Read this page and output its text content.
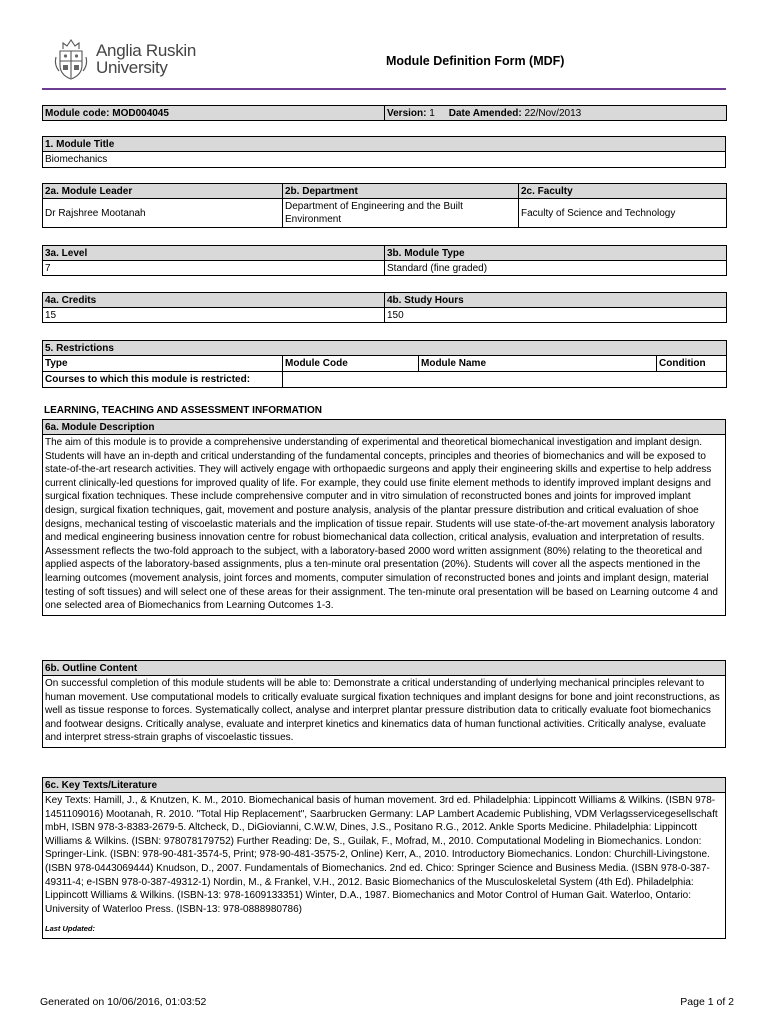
Anglia Ruskin
University	Module Definition Form (MDF)
Module code: MOD004045	Version: 1 Date Amended: 22/Nov/2013
1. Module Title
Biomechanics
2a. Module Leader	2b. Department	2c. Faculty
Dr Rajshree Mootanah	Department of Engineering and the Built Environment	Faculty of Science and Technology
3a. Level	3b. Module Type
7	Standard (fine graded)
4a. Credits	4b. Study Hours
15	150
5. Restrictions			
Type	Module Code	Module Name	Condition
Courses to which this module is restricted:			
LEARNING, TEACHING AND ASSESSMENT INFORMATION
6a. Module Description
The aim of this module is to provide a comprehensive understanding of experimental and theoretical biomechanical investigation and implant design. Students will have an in-depth and critical understanding of the fundamental concepts, principles and theories of biomechanics and will be exposed to state-of-the-art research activities. They will actively engage with orthopaedic surgeons and apply their engineering skills and expertise to help address current clinically-led questions for improved quality of life. For example, they could use finite element methods to identify improved implant designs and surgical fixation techniques. These include comprehensive computer and in vitro simulation of reconstructed bones and joints for improved implant design, surgical fixation techniques, gait, movement and posture analysis, analysis of the plantar pressure distribution and critical evaluation of shoe designs, mechanical testing of viscoelastic materials and the implication of tissue repair. Students will use state-of-the-art movement analysis laboratory and medical engineering business innovation centre for robust biomechanical data collection, critical analysis, evaluation and interpretation of results. Assessment reflects the two-fold approach to the subject, with a laboratory-based 2000 word written assignment (80%) relating to the theoretical and applied aspects of the laboratory-based assignments, plus a ten-minute oral presentation (20%). Students will cover all the aspects mentioned in the learning outcomes (movement analysis, joint forces and moments, computer simulation of reconstructed bones and joints and implant design, material testing of soft tissues) and will select one of these areas for their assignment. The ten-minute oral presentation will be based on Learning outcome 4 and one selected area of Biomechanics from Learning Outcomes 1-3.
6b. Outline Content
On successful completion of this module students will be able to: Demonstrate a critical understanding of underlying mechanical principles relevant to human movement. Use computational models to critically evaluate surgical fixation techniques and implant designs for bone and joint reconstructions, as well as tissue response to forces. Systematically collect, analyse and interpret plantar pressure distribution data to critically evaluate foot biomechanics and footwear designs. Critically analyse, evaluate and interpret kinetics and kinematics data of human functional activities. Critically analyse, evaluate and interpret stress-strain graphs of viscoelastic tissues.
6c. Key Texts/Literature

Key Texts: Hamill, J., & Knutzen, K. M., 2010. Biomechanical basis of human movement. 3rd ed. Philadelphia: Lippincott Williams & Wilkins. (ISBN 978-1451109016) Mootanah, R. 2010. "Total Hip Replacement", Saarbrucken Germany: LAP Lambert Academic Publishing, VDM Verlagsservicegesellschaft mbH, ISBN 978-3-8383-2679-5. Altcheck, D., DiGiovianni, C.W.W, Dines, J.S., Positano R.G., 2012. Ankle Sports Medicine. Philadelphia: Lippincott Williams & Wilkins. (ISBN: 978078179752) Further Reading: De, S., Guilak, F., Mofrad, M., 2010. Computational Modeling in Biomechanics. London: Springer-Link. (ISBN: 978-90-481-3574-5, Print; 978-90-481-3575-2, Online) Kerr, A., 2010. Introductory Biomechanics. London: Churchill-Livingstone. (ISBN 978-0443069444) Knudson, D., 2007. Fundamentals of Biomechanics. 2nd ed. Chico: Springer Science and Business Media. (ISBN 978-0-387-49311-4; e-ISBN 978-0-387-49312-1) Nordin, M., & Frankel, V.H., 2012. Basic Biomechanics of the Musculoskeletal System (4th Ed). Philadelphia: Lippincott Williams & Wilkins. (ISBN-13: 978-1609133351) Winter, D.A., 1987. Biomechanics and Motor Control of Human Gait. Waterloo, Ontario: University of Waterloo Press. (ISBN-13: 978-0888980786)
Last Updated:
Generated on 10/06/2016, 01:03:52	Page 1 of 2
